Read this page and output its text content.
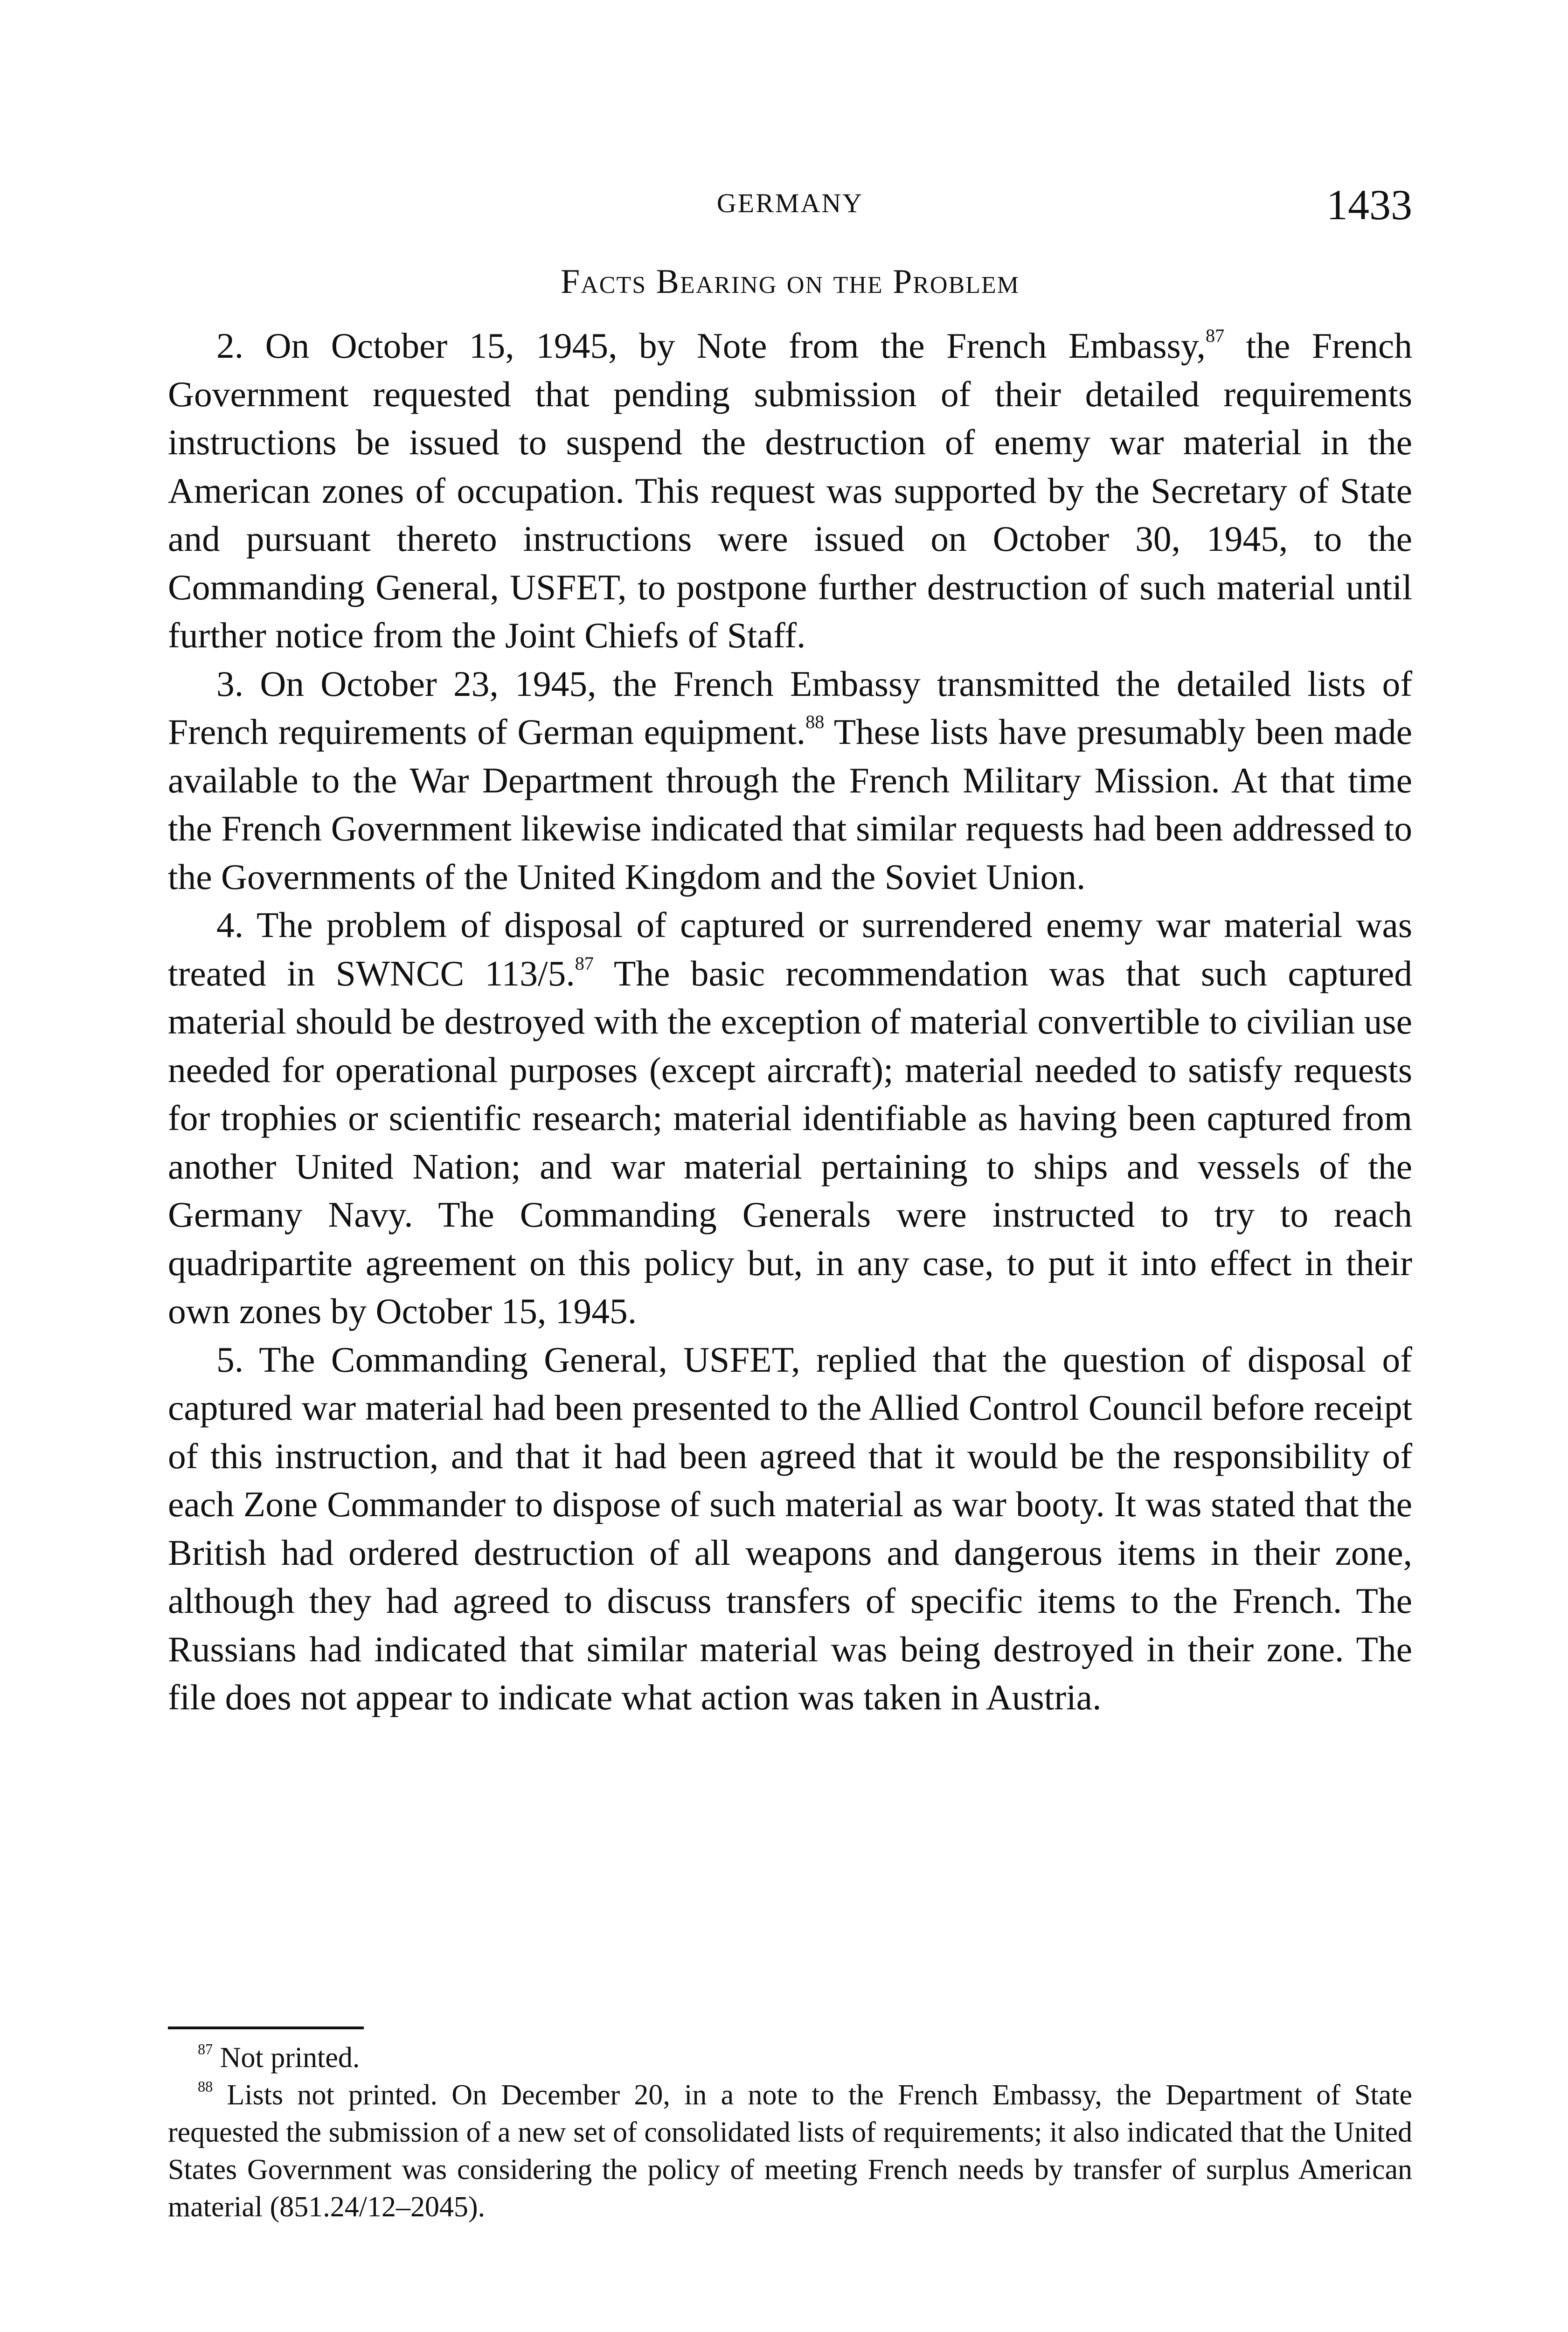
GERMANY	1433
Facts Bearing on the Problem

2. On October 15, 1945, by Note from the French Embassy,$^{87}$ the French Government requested that pending submission of their detailed requirements instructions be issued to suspend the destruction of enemy war material in the American zones of occupation. This request was supported by the Secretary of State and pursuant thereto instructions were issued on October 30, 1945, to the Commanding General, USFET, to postpone further destruction of such material until further notice from the Joint Chiefs of Staff.

3. On October 23, 1945, the French Embassy transmitted the detailed lists of French requirements of German equipment.$^{88}$ These lists have presumably been made available to the War Department through the French Military Mission. At that time the French Government likewise indicated that similar requests had been addressed to the Governments of the United Kingdom and the Soviet Union.

4. The problem of disposal of captured or surrendered enemy war material was treated in SWNCC 113/5.87 The basic recommendation was that such captured material should be destroyed with the exception of material convertible to civilian use needed for operational purposes (except aircraft); material needed to satisfy requests for trophies or scientific research; material identifiable as having been captured from another United Nation; and war material pertaining to ships and vessels of the Germany Navy. The Commanding Generals were instructed to try to reach quadripartite agreement on this policy but, in any case, to put it into effect in their own zones by October 15, 1945.

5. The Commanding General, USFET, replied that the question of disposal of captured war material had been presented to the Allied Control Council before receipt of this instruction, and that it had been agreed that it would be the responsibility of each Zone Commander to dispose of such material as war booty. It was stated that the British had ordered destruction of all weapons and dangerous items in their zone, although they had agreed to discuss transfers of specific items to the French. The Russians had indicated that similar material was being destroyed in their zone. The file does not appear to indicate what action was taken in Austria.

$^{87}$ Not printed.

$^{88}$ Lists not printed. On December 20, in a note to the French Embassy, the Department of State requested the submission of a new set of consolidated lists of requirements; it also indicated that the United States Government was considering the policy of meeting French needs by transfer of surplus American material (851.24/12–2045).
